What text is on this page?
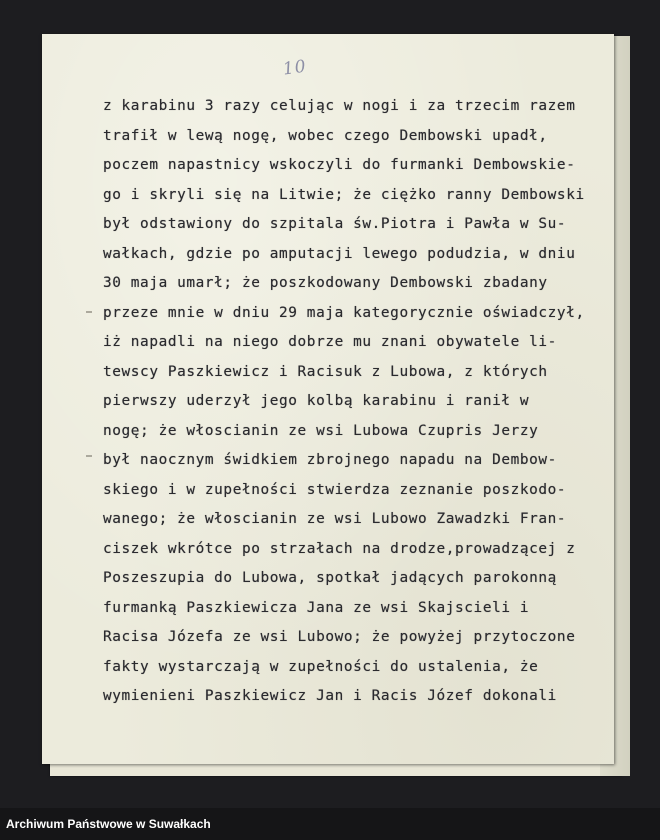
10
z karabinu 3 razy celując w nogi i za trzecim razem
trafił w lewą nogę, wobec czego Dembowski upadł,
poczem napastnicy wskoczyli do furmanki Dembowskie-
go i skryli się na Litwie; że ciężko ranny Dembowski
był odstawiony do szpitala św.Piotra i Pawła w Su-
wałkach, gdzie po amputacji lewego podudzia, w dniu
30 maja umarł; że poszkodowany Dembowski zbadany
przeze mnie w dniu 29 maja kategorycznie oświadczył,
iż napadli na niego dobrze mu znani obywatele li-
tewscy Paszkiewicz i Racisuk z Lubowa, z których
pierwszy uderzył jego kolbą karabinu i ranił w
nogę; że włoscianin ze wsi Lubowa Czupris Jerzy
był naocznym świdkiem zbrojnego napadu na Dembow-
skiego i w zupełności stwierdza zeznanie poszkodo-
wanego; że włoscianin ze wsi Lubowo Zawadzki Fran-
ciszek wkrótce po strzałach na drodze,prowadzącej z
Poszeszupia do Lubowa, spotkał jadących parokonną
furmanką Paszkiewicza Jana ze wsi Skajscieli i
Racisa Józefa ze wsi Lubowo; że powyżej przytoczone
fakty wystarczają w zupełności do ustalenia, że
wymienieni Paszkiewicz Jan i Racis Józef dokonali
Archiwum Państwowe w Suwałkach
